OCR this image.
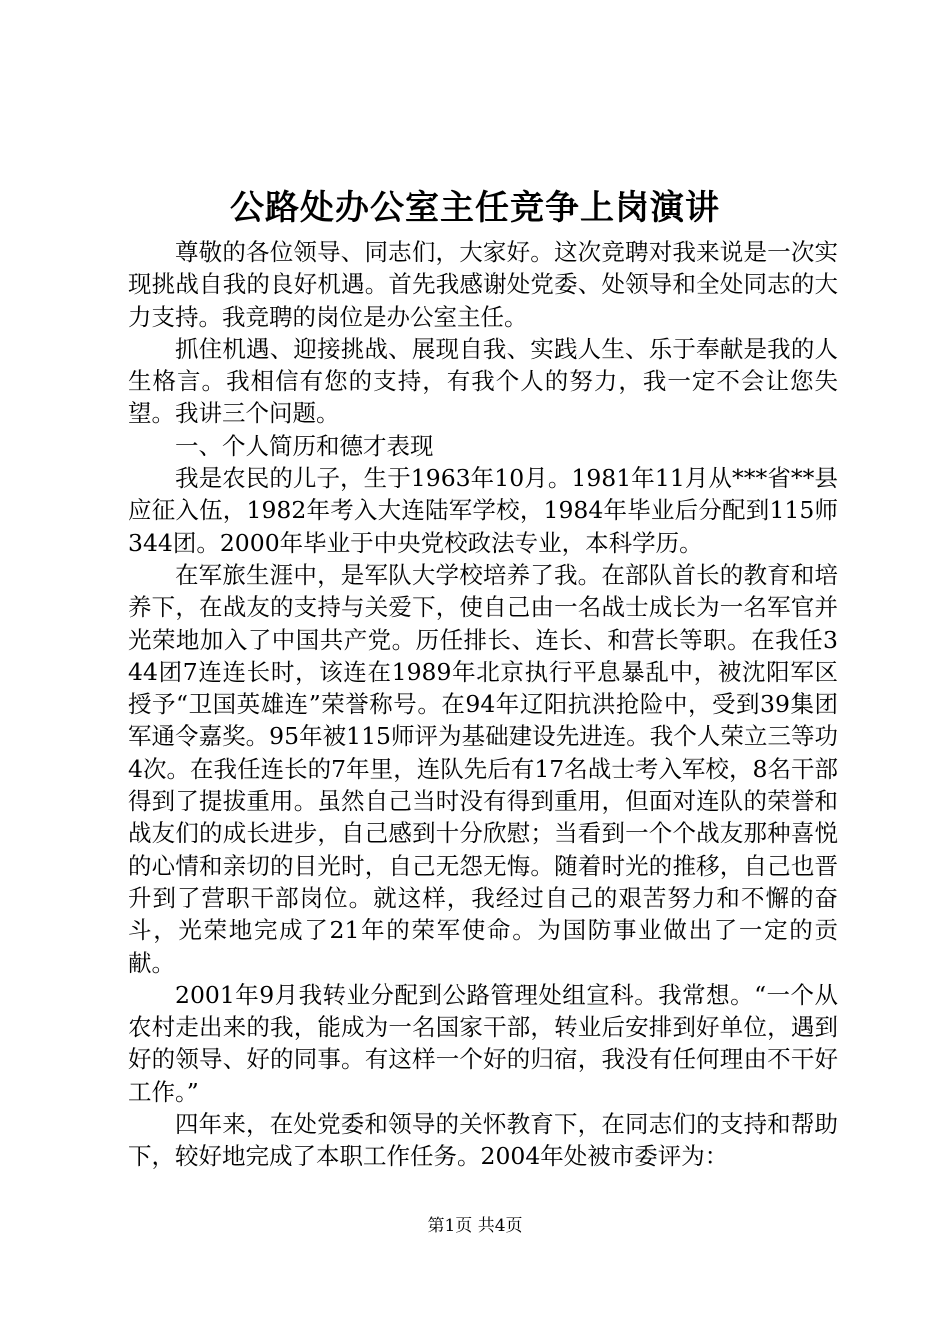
公路处办公室主任竞争上岗演讲

尊敬的各位领导、同志们，大家好。这次竞聘对我来说是一次实现挑战自我的良好机遇。首先我感谢处党委、处领导和全处同志的大力支持。我竞聘的岗位是办公室主任。

抓住机遇、迎接挑战、展现自我、实践人生、乐于奉献是我的人生格言。我相信有您的支持，有我个人的努力，我一定不会让您失望。我讲三个问题。

一、个人简历和德才表现

我是农民的儿子，生于1963年10月。1981年11月从***省**县应征入伍，1982年考入大连陆军学校，1984年毕业后分配到115师344团。2000年毕业于中央党校政法专业，本科学历。

在军旅生涯中，是军队大学校培养了我。在部队首长的教育和培养下，在战友的支持与关爱下，使自己由一名战士成长为一名军官并光荣地加入了中国共产党。历任排长、连长、和营长等职。在我任344团7连连长时，该连在1989年北京执行平息暴乱中，被沈阳军区授予“卫国英雄连”荣誉称号。在94年辽阳抗洪抢险中，受到39集团军通令嘉奖。95年被115师评为基础建设先进连。我个人荣立三等功4次。在我任连长的7年里，连队先后有17名战士考入军校，8名干部得到了提拔重用。虽然自己当时没有得到重用，但面对连队的荣誉和战友们的成长进步，自己感到十分欣慰；当看到一个个战友那种喜悦的心情和亲切的目光时，自己无怨无悔。随着时光的推移，自己也晋升到了营职干部岗位。就这样，我经过自己的艰苦努力和不懈的奋斗，光荣地完成了21年的荣军使命。为国防事业做出了一定的贡献。

2001年9月我转业分配到公路管理处组宣科。我常想。“一个从农村走出来的我，能成为一名国家干部，转业后安排到好单位，遇到好的领导、好的同事。有这样一个好的归宿，我没有任何理由不干好工作。”

四年来，在处党委和领导的关怀教育下，在同志们的支持和帮助下，较好地完成了本职工作任务。2004年处被市委评为：

第1页 共4页
